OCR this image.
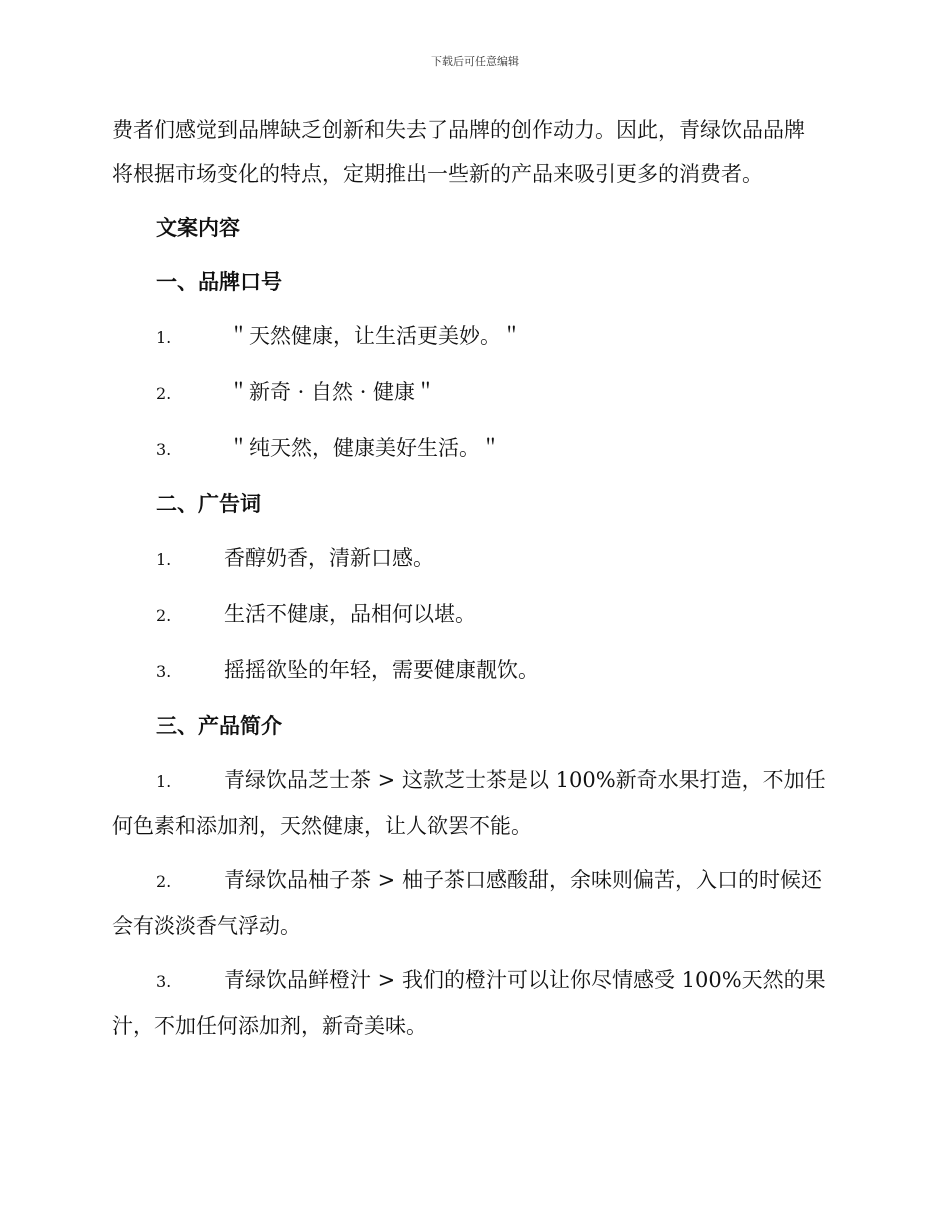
下载后可任意编辑
费者们感觉到品牌缺乏创新和失去了品牌的创作动力。因此，青绿饮品品牌
将根据市场变化的特点，定期推出一些新的产品来吸引更多的消费者。
文案内容
一、品牌口号
1.	＂天然健康，让生活更美妙。＂
2.	＂新奇 · 自然 · 健康＂
3.	＂纯天然，健康美好生活。＂
二、广告词
1.	香醇奶香，清新口感。
2.	生活不健康，品相何以堪。
3.	摇摇欲坠的年轻，需要健康靓饮。
三、产品简介
1.	青绿饮品芝士茶 > 这款芝士茶是以 100%新奇水果打造，不加任
何色素和添加剂，天然健康，让人欲罢不能。
2.	青绿饮品柚子茶 > 柚子茶口感酸甜，余味则偏苦，入口的时候还
会有淡淡香气浮动。
3.	青绿饮品鲜橙汁 > 我们的橙汁可以让你尽情感受 100%天然的果
汁，不加任何添加剂，新奇美味。
